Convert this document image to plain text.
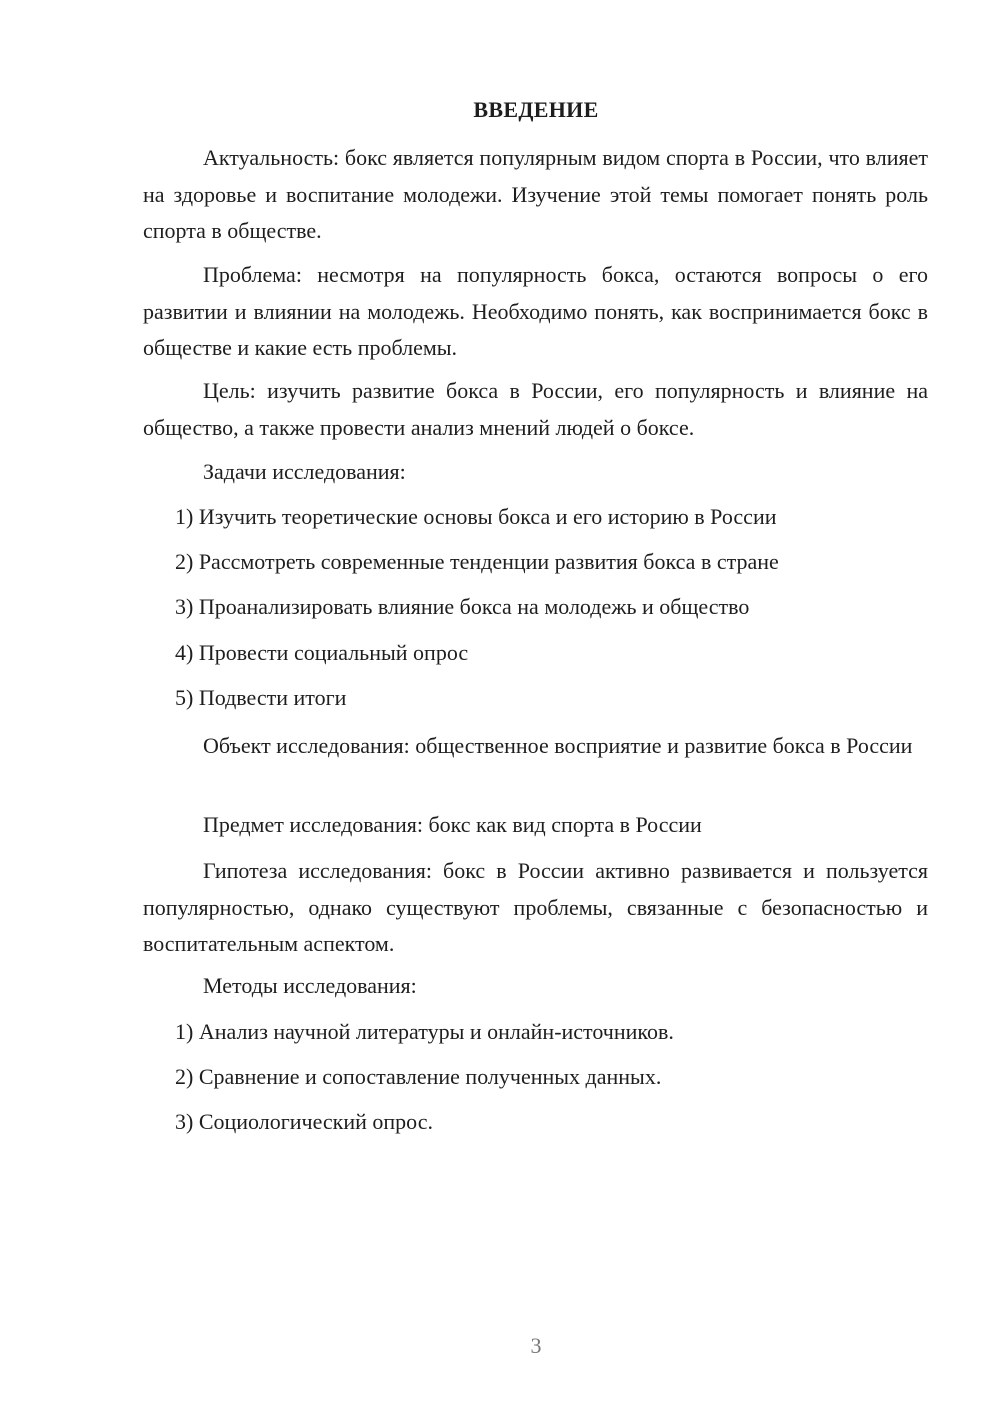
ВВЕДЕНИЕ

Актуальность: бокс является популярным видом спорта в России, что влияет на здоровье и воспитание молодежи. Изучение этой темы помогает понять роль спорта в обществе.

Проблема: несмотря на популярность бокса, остаются вопросы о его развитии и влиянии на молодежь. Необходимо понять, как воспринимается бокс в обществе и какие есть проблемы.

Цель: изучить развитие бокса в России, его популярность и влияние на общество, а также провести анализ мнений людей о боксе.

Задачи исследования:
1) Изучить теоретические основы бокса и его историю в России
2) Рассмотреть современные тенденции развития бокса в стране
3) Проанализировать влияние бокса на молодежь и общество
4) Провести социальный опрос
5) Подвести итоги

Объект исследования: общественное восприятие и развитие бокса в России

Предмет исследования: бокс как вид спорта в России

Гипотеза исследования: бокс в России активно развивается и пользуется популярностью, однако существуют проблемы, связанные с безопасностью и воспитательным аспектом.

Методы исследования:
1) Анализ научной литературы и онлайн-источников.
2) Сравнение и сопоставление полученных данных.
3) Социологический опрос.
3
